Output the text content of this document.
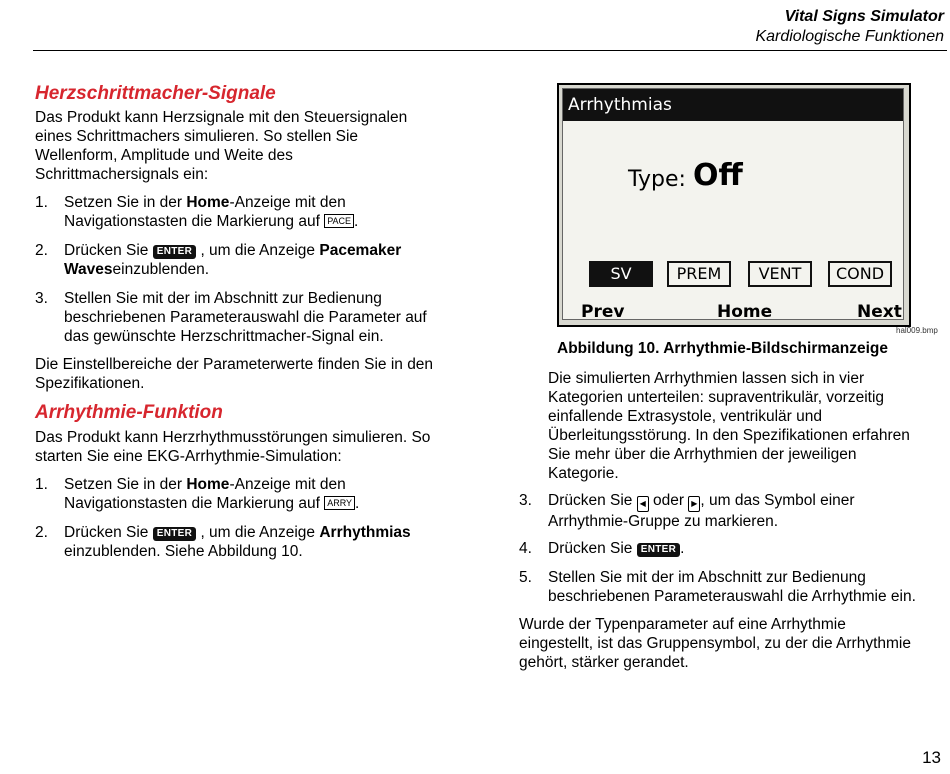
Vital Signs Simulator
Kardiologische Funktionen
Herzschrittmacher-Signale
Das Produkt kann Herzsignale mit den Steuersignalen
eines Schrittmachers simulieren. So stellen Sie
Wellenform, Amplitude und Weite des
Schrittmachersignals ein:
1. Setzen Sie in der Home-Anzeige mit den
Navigationstasten die Markierung auf PACE .
2. Drücken Sie ENTER , um die Anzeige Pacemaker
Waveseinzublenden.
3. Stellen Sie mit der im Abschnitt zur Bedienung
beschriebenen Parameterauswahl die Parameter auf
das gewünschte Herzschrittmacher-Signal ein.
Die Einstellbereiche der Parameterwerte finden Sie in den
Spezifikationen.
Arrhythmie-Funktion
Das Produkt kann Herzrhythmusstörungen simulieren. So
starten Sie eine EKG-Arrhythmie-Simulation:
1. Setzen Sie in der Home-Anzeige mit den
Navigationstasten die Markierung auf ARRY .
2. Drücken Sie ENTER , um die Anzeige Arrhythmias
einzublenden. Siehe Abbildung 10.
Arrhythmias
Type: Off
SV	PREM	VENT	COND
Prev	Home	Next
hal009.bmp
Abbildung 10. Arrhythmie-Bildschirmanzeige
Die simulierten Arrhythmien lassen sich in vier
Kategorien unterteilen: supraventrikulär, vorzeitig
einfallende Extrasystole, ventrikulär und
Überleitungsstörung. In den Spezifikationen erfahren
Sie mehr über die Arrhythmien der jeweiligen
Kategorie.
3. Drücken Sie ◀ oder ▶ , um das Symbol einer
Arrhythmie-Gruppe zu markieren.
4. Drücken Sie ENTER .
5. Stellen Sie mit der im Abschnitt zur Bedienung
beschriebenen Parameterauswahl die Arrhythmie ein.
Wurde der Typenparameter auf eine Arrhythmie
eingestellt, ist das Gruppensymbol, zu der die Arrhythmie
gehört, stärker gerandet.
13
